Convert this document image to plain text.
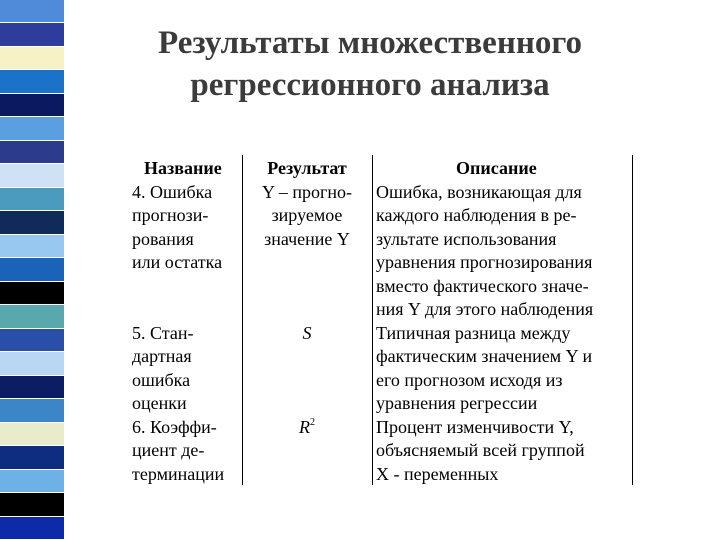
Результаты множественного
регрессионного анализа
Название
4. Ошибка
прогнози-
рования
или остатка

5. Стан-
дартная
ошибка
оценки
6. Коэффи-
циент де-
терминации
Результат
Y – прогно-
зируемое
значение Y

S

$R^2$
Описание
Ошибка, возникающая для
каждого наблюдения в ре-
зультате использования
уравнения прогнозирования
вместо фактического значе-
ния Y для этого наблюдения
Типичная разница между
фактическим значением Y и
его прогнозом исходя из
уравнения регрессии
Процент изменчивости Y,
объясняемый всей группой
X - переменных
